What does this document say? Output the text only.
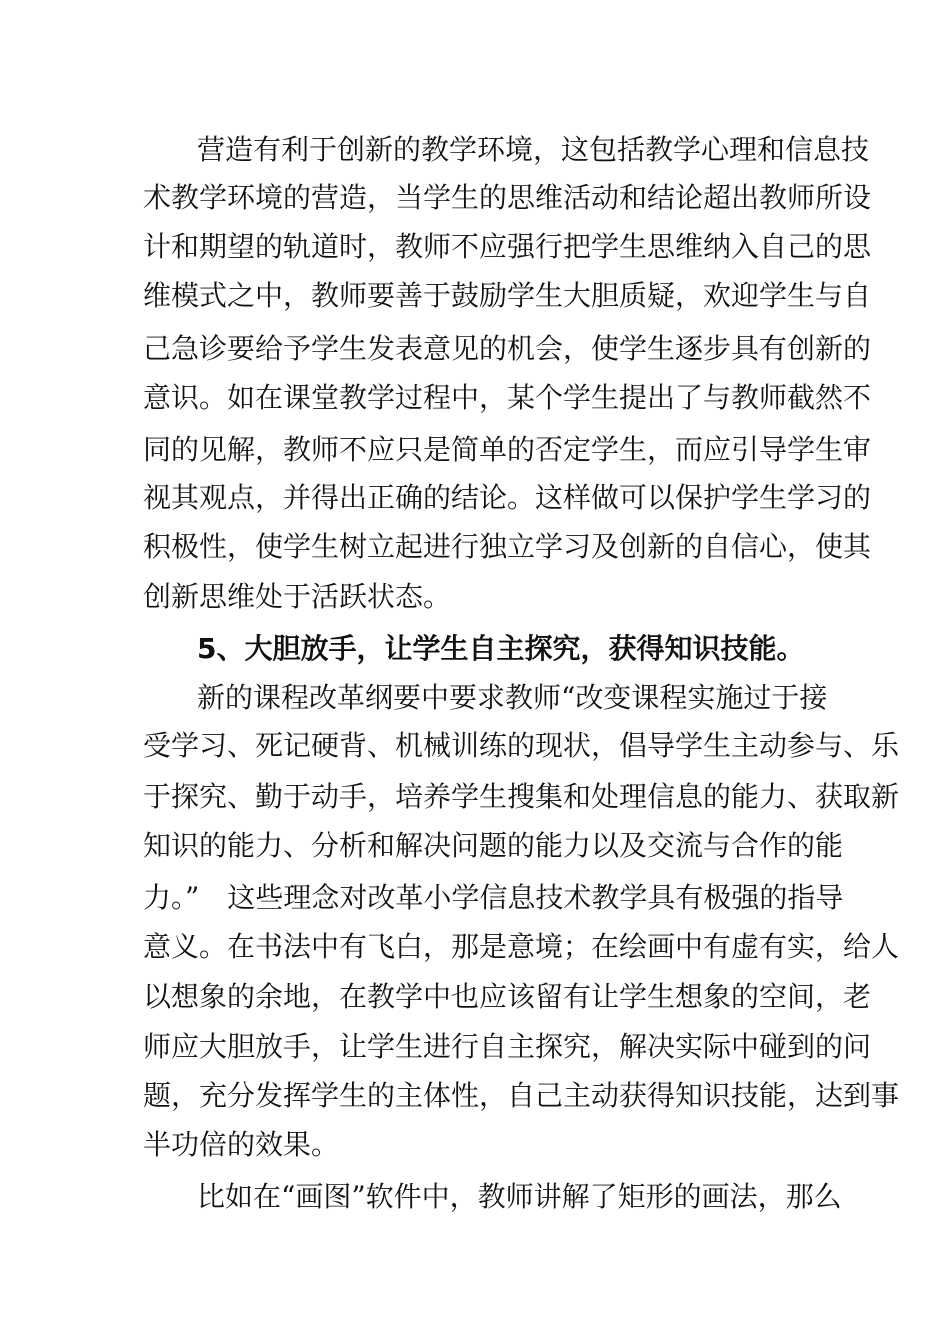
营造有利于创新的教学环境，这包括教学心理和信息技
术教学环境的营造，当学生的思维活动和结论超出教师所设
计和期望的轨道时，教师不应强行把学生思维纳入自己的思
维模式之中，教师要善于鼓励学生大胆质疑，欢迎学生与自
己急诊要给予学生发表意见的机会，使学生逐步具有创新的
意识。如在课堂教学过程中，某个学生提出了与教师截然不
同的见解，教师不应只是简单的否定学生，而应引导学生审
视其观点，并得出正确的结论。这样做可以保护学生学习的
积极性，使学生树立起进行独立学习及创新的自信心，使其
创新思维处于活跃状态。
5、大胆放手，让学生自主探究，获得知识技能。
新的课程改革纲要中要求教师“改变课程实施过于接
受学习、死记硬背、机械训练的现状，倡导学生主动参与、乐
于探究、勤于动手，培养学生搜集和处理信息的能力、获取新
知识的能力、分析和解决问题的能力以及交流与合作的能
力。”　这些理念对改革小学信息技术教学具有极强的指导
意义。在书法中有飞白，那是意境；在绘画中有虚有实，给人
以想象的余地，在教学中也应该留有让学生想象的空间，老
师应大胆放手，让学生进行自主探究，解决实际中碰到的问
题，充分发挥学生的主体性，自己主动获得知识技能，达到事
半功倍的效果。
比如在“画图”软件中，教师讲解了矩形的画法，那么
